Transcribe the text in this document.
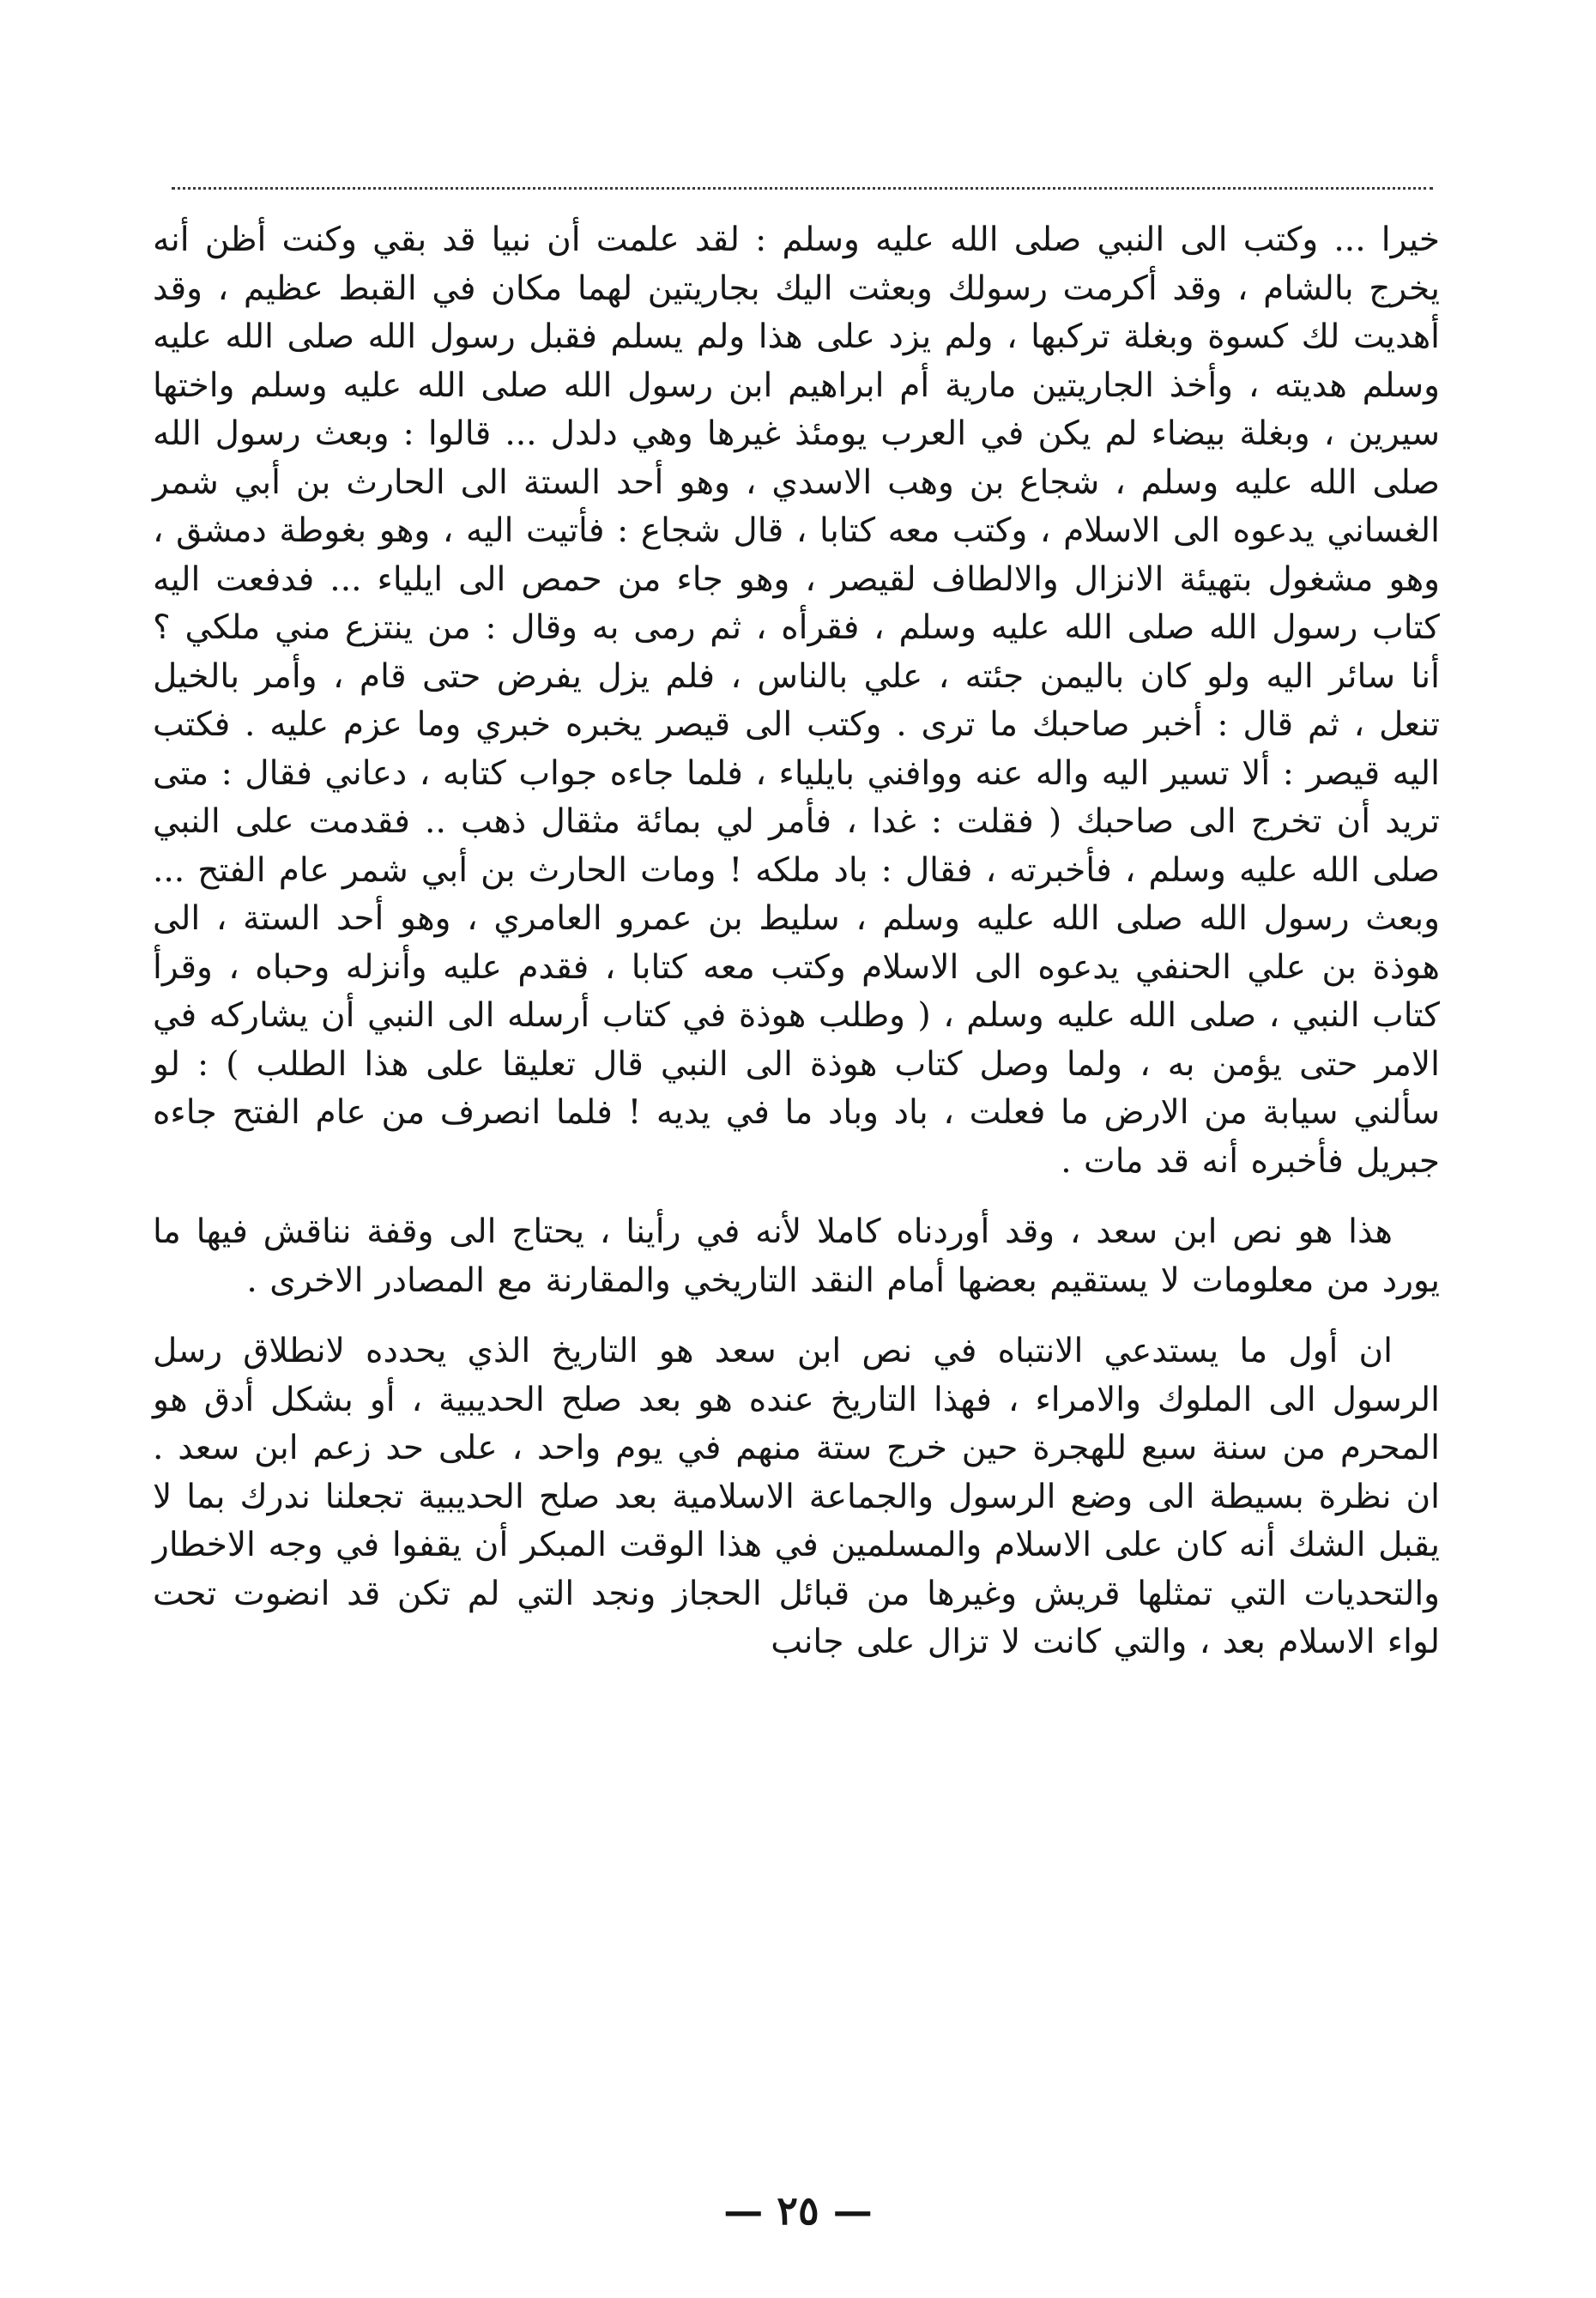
خيرا ... وكتب الى النبي صلى الله عليه وسلم : لقد علمت أن نبيا قد بقي وكنت أظن أنه يخرج بالشام ، وقد أكرمت رسولك وبعثت اليك بجاريتين لهما مكان في القبط عظيم ، وقد أهديت لك كسوة وبغلة تركبها ، ولم يزد على هذا ولم يسلم فقبل رسول الله صلى الله عليه وسلم هديته ، وأخذ الجاريتين مارية أم ابراهيم ابن رسول الله صلى الله عليه وسلم واختها سيرين ، وبغلة بيضاء لم يكن في العرب يومئذ غيرها وهي دلدل ... قالوا : وبعث رسول الله صلى الله عليه وسلم ، شجاع بن وهب الاسدي ، وهو أحد الستة الى الحارث بن أبي شمر الغساني يدعوه الى الاسلام ، وكتب معه كتابا ، قال شجاع : فأتيت اليه ، وهو بغوطة دمشق ، وهو مشغول بتهيئة الانزال والالطاف لقيصر ، وهو جاء من حمص الى ايلياء ... فدفعت اليه كتاب رسول الله صلى الله عليه وسلم ، فقرأه ، ثم رمى به وقال : من ينتزع مني ملكي ؟ أنا سائر اليه ولو كان باليمن جئته ، علي بالناس ، فلم يزل يفرض حتى قام ، وأمر بالخيل تنعل ، ثم قال : أخبر صاحبك ما ترى . وكتب الى قيصر يخبره خبري وما عزم عليه . فكتب اليه قيصر : ألا تسير اليه واله عنه ووافني بايلياء ، فلما جاءه جواب كتابه ، دعاني فقال : متى تريد أن تخرج الى صاحبك ( فقلت : غدا ، فأمر لي بمائة مثقال ذهب .. فقدمت على النبي صلى الله عليه وسلم ، فأخبرته ، فقال : باد ملكه ! ومات الحارث بن أبي شمر عام الفتح ... وبعث رسول الله صلى الله عليه وسلم ، سليط بن عمرو العامري ، وهو أحد الستة ، الى هوذة بن علي الحنفي يدعوه الى الاسلام وكتب معه كتابا ، فقدم عليه وأنزله وحباه ، وقرأ كتاب النبي ، صلى الله عليه وسلم ، ( وطلب هوذة في كتاب أرسله الى النبي أن يشاركه في الامر حتى يؤمن به ، ولما وصل كتاب هوذة الى النبي قال تعليقا على هذا الطلب ) : لو سألني سيابة من الارض ما فعلت ، باد وباد ما في يديه ! فلما انصرف من عام الفتح جاءه جبريل فأخبره أنه قد مات .

هذا هو نص ابن سعد ، وقد أوردناه كاملا لأنه في رأينا ، يحتاج الى وقفة نناقش فيها ما يورد من معلومات لا يستقيم بعضها أمام النقد التاريخي والمقارنة مع المصادر الاخرى .

ان أول ما يستدعي الانتباه في نص ابن سعد هو التاريخ الذي يحدده لانطلاق رسل الرسول الى الملوك والامراء ، فهذا التاريخ عنده هو بعد صلح الحديبية ، أو بشكل أدق هو المحرم من سنة سبع للهجرة حين خرج ستة منهم في يوم واحد ، على حد زعم ابن سعد . ان نظرة بسيطة الى وضع الرسول والجماعة الاسلامية بعد صلح الحديبية تجعلنا ندرك بما لا يقبل الشك أنه كان على الاسلام والمسلمين في هذا الوقت المبكر أن يقفوا في وجه الاخطار والتحديات التي تمثلها قريش وغيرها من قبائل الحجاز ونجد التي لم تكن قد انضوت تحت لواء الاسلام بعد ، والتي كانت لا تزال على جانب

— ٢٥ —
